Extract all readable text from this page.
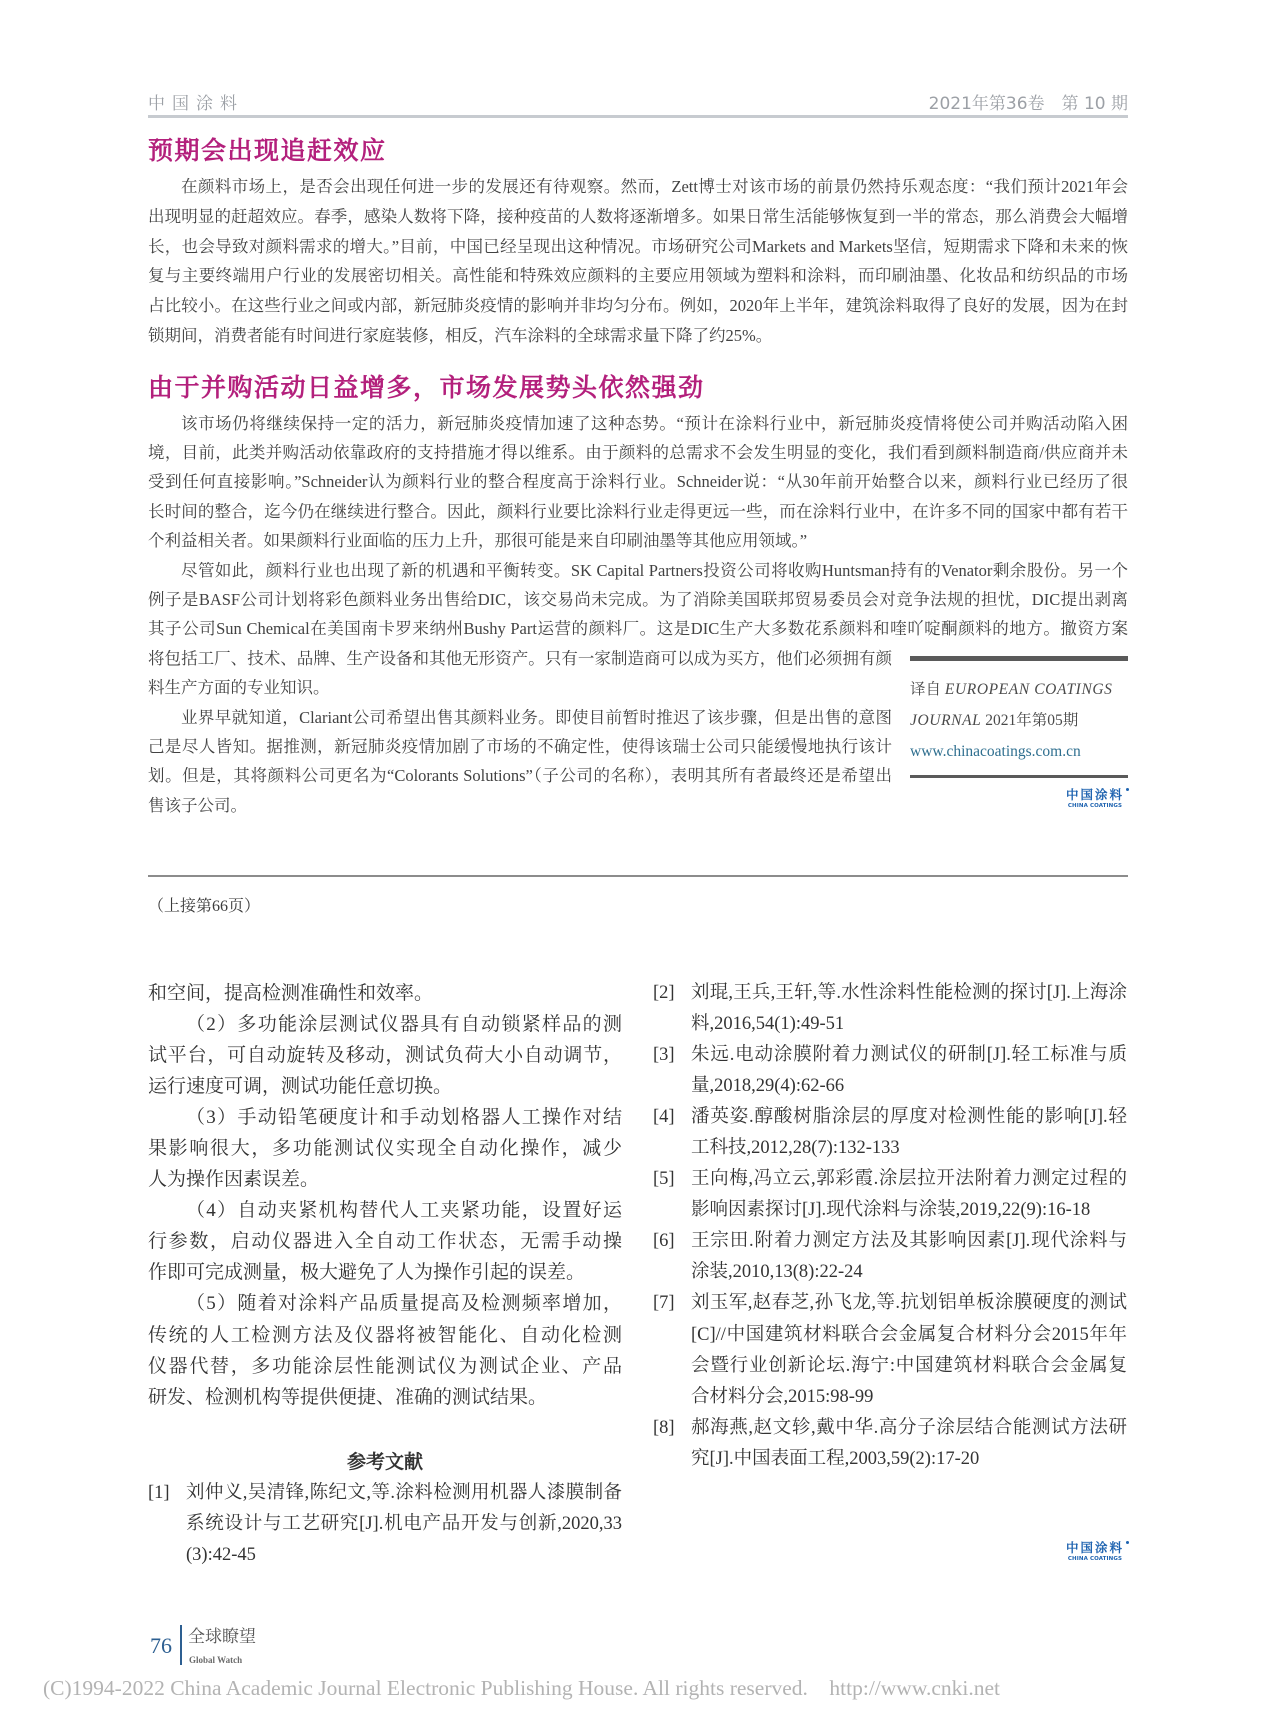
中国涂料	2021年第36卷　第 10 期
预期会出现追赶效应
在颜料市场上，是否会出现任何进一步的发展还有待观察。然而，Zett博士对该市场的前景仍然持乐观态度：“我们预计2021年会
出现明显的赶超效应。春季，感染人数将下降，接种疫苗的人数将逐渐增多。如果日常生活能够恢复到一半的常态，那么消费会大幅增
长，也会导致对颜料需求的增大。”目前，中国已经呈现出这种情况。市场研究公司Markets and Markets坚信，短期需求下降和未来的恢
复与主要终端用户行业的发展密切相关。高性能和特殊效应颜料的主要应用领域为塑料和涂料，而印刷油墨、化妆品和纺织品的市场
占比较小。在这些行业之间或内部，新冠肺炎疫情的影响并非均匀分布。例如，2020年上半年，建筑涂料取得了良好的发展，因为在封
锁期间，消费者能有时间进行家庭装修，相反，汽车涂料的全球需求量下降了约25%。
由于并购活动日益增多，市场发展势头依然强劲
该市场仍将继续保持一定的活力，新冠肺炎疫情加速了这种态势。“预计在涂料行业中，新冠肺炎疫情将使公司并购活动陷入困
境，目前，此类并购活动依靠政府的支持措施才得以维系。由于颜料的总需求不会发生明显的变化，我们看到颜料制造商/供应商并未
受到任何直接影响。”Schneider认为颜料行业的整合程度高于涂料行业。Schneider说：“从30年前开始整合以来，颜料行业已经历了很
长时间的整合，迄今仍在继续进行整合。因此，颜料行业要比涂料行业走得更远一些，而在涂料行业中，在许多不同的国家中都有若干
个利益相关者。如果颜料行业面临的压力上升，那很可能是来自印刷油墨等其他应用领域。”
尽管如此，颜料行业也出现了新的机遇和平衡转变。SK Capital Partners投资公司将收购Huntsman持有的Venator剩余股份。另一个
例子是BASF公司计划将彩色颜料业务出售给DIC，该交易尚未完成。为了消除美国联邦贸易委员会对竞争法规的担忧，DIC提出剥离
其子公司Sun Chemical在美国南卡罗来纳州Bushy Part运营的颜料厂。这是DIC生产大多数花系颜料和喹吖啶酮颜料的地方。撤资方案
将包括工厂、技术、品牌、生产设备和其他无形资产。只有一家制造商可以成为买方，他们必须拥有颜
料生产方面的专业知识。
业界早就知道，Clariant公司希望出售其颜料业务。即使目前暂时推迟了该步骤，但是出售的意图
己是尽人皆知。据推测，新冠肺炎疫情加剧了市场的不确定性，使得该瑞士公司只能缓慢地执行该计
划。但是，其将颜料公司更名为“Colorants Solutions”（子公司的名称），表明其所有者最终还是希望出
售该子公司。
译自 EUROPEAN COATINGS
JOURNAL 2021年第05期
www.chinacoatings.com.cn
中国涂料
CHINA COATINGS
（上接第66页）
和空间，提高检测准确性和效率。
（2）多功能涂层测试仪器具有自动锁紧样品的测
试平台，可自动旋转及移动，测试负荷大小自动调节，
运行速度可调，测试功能任意切换。
（3）手动铅笔硬度计和手动划格器人工操作对结
果影响很大，多功能测试仪实现全自动化操作，减少
人为操作因素误差。
（4）自动夹紧机构替代人工夹紧功能，设置好运
行参数，启动仪器进入全自动工作状态，无需手动操
作即可完成测量，极大避免了人为操作引起的误差。
（5）随着对涂料产品质量提高及检测频率增加，
传统的人工检测方法及仪器将被智能化、自动化检测
仪器代替，多功能涂层性能测试仪为测试企业、产品
研发、检测机构等提供便捷、准确的测试结果。
参考文献
[1] 刘仲义,吴清锋,陈纪文,等.涂料检测用机器人漆膜制备
系统设计与工艺研究[J].机电产品开发与创新,2020,33
(3):42-45
[2] 刘琨,王兵,王轩,等.水性涂料性能检测的探讨[J].上海涂
料,2016,54(1):49-51
[3] 朱远.电动涂膜附着力测试仪的研制[J].轻工标准与质
量,2018,29(4):62-66
[4] 潘英姿.醇酸树脂涂层的厚度对检测性能的影响[J].轻
工科技,2012,28(7):132-133
[5] 王向梅,冯立云,郭彩霞.涂层拉开法附着力测定过程的
影响因素探讨[J].现代涂料与涂装,2019,22(9):16-18
[6] 王宗田.附着力测定方法及其影响因素[J].现代涂料与
涂装,2010,13(8):22-24
[7] 刘玉军,赵春芝,孙飞龙,等.抗划铝单板涂膜硬度的测试
[C]//中国建筑材料联合会金属复合材料分会2015年年
会暨行业创新论坛.海宁:中国建筑材料联合会金属复
合材料分会,2015:98-99
[8] 郝海燕,赵文轸,戴中华.高分子涂层结合能测试方法研
究[J].中国表面工程,2003,59(2):17-20
中国涂料
CHINA COATINGS
76 全球瞭望
Global Watch
(C)1994-2022 China Academic Journal Electronic Publishing House. All rights reserved.    http://www.cnki.net
